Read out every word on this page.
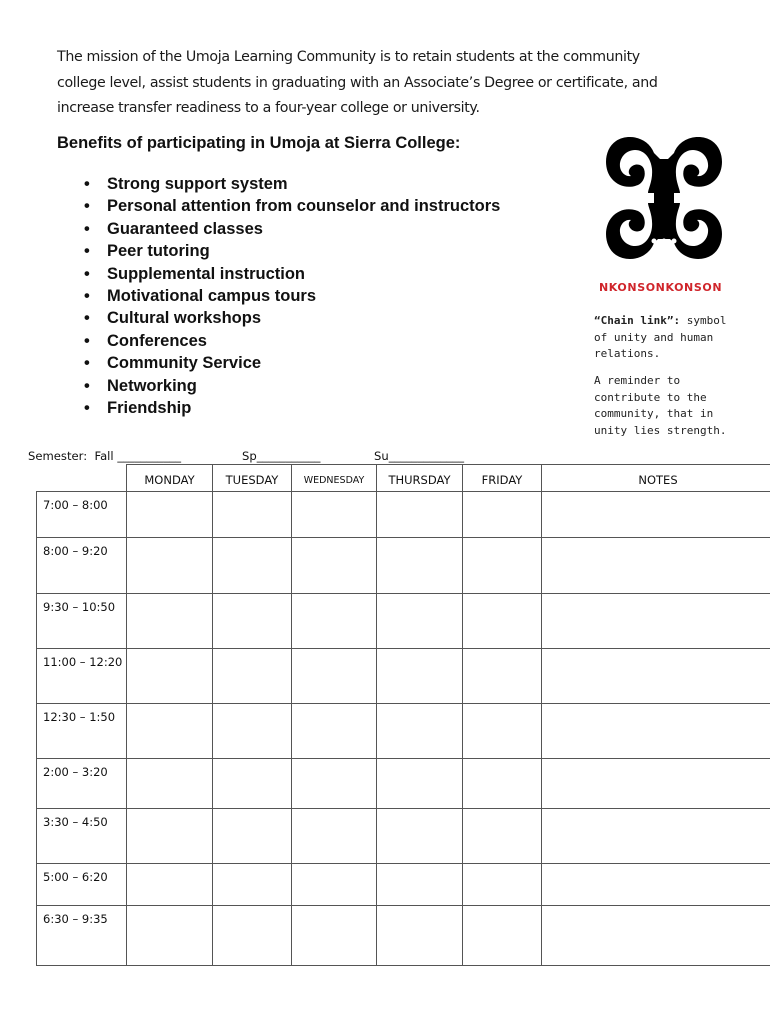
The mission of the Umoja Learning Community is to retain students at the community
college level, assist students in graduating with an Associate’s Degree or certificate, and
increase transfer readiness to a four-year college or university.
Benefits of participating in Umoja at Sierra College:
• Strong support system
• Personal attention from counselor and instructors
• Guaranteed classes
• Peer tutoring
• Supplemental instruction
• Motivational campus tours
• Cultural workshops
• Conferences
• Community Service
• Networking
• Friendship
NKONSONKONSON
“Chain link”: symbol of unity and human relations.
A reminder to contribute to the community, that in unity lies strength.
Semester:  Fall ___________	Sp___________	Su_____________
	MONDAY	TUESDAY	WEDNESDAY	THURSDAY	FRIDAY	NOTES
7:00 – 8:00						
8:00 – 9:20						
9:30 – 10:50						
11:00 – 12:20						
12:30 – 1:50						
2:00 – 3:20						
3:30 – 4:50						
5:00 – 6:20						
6:30 – 9:35						
